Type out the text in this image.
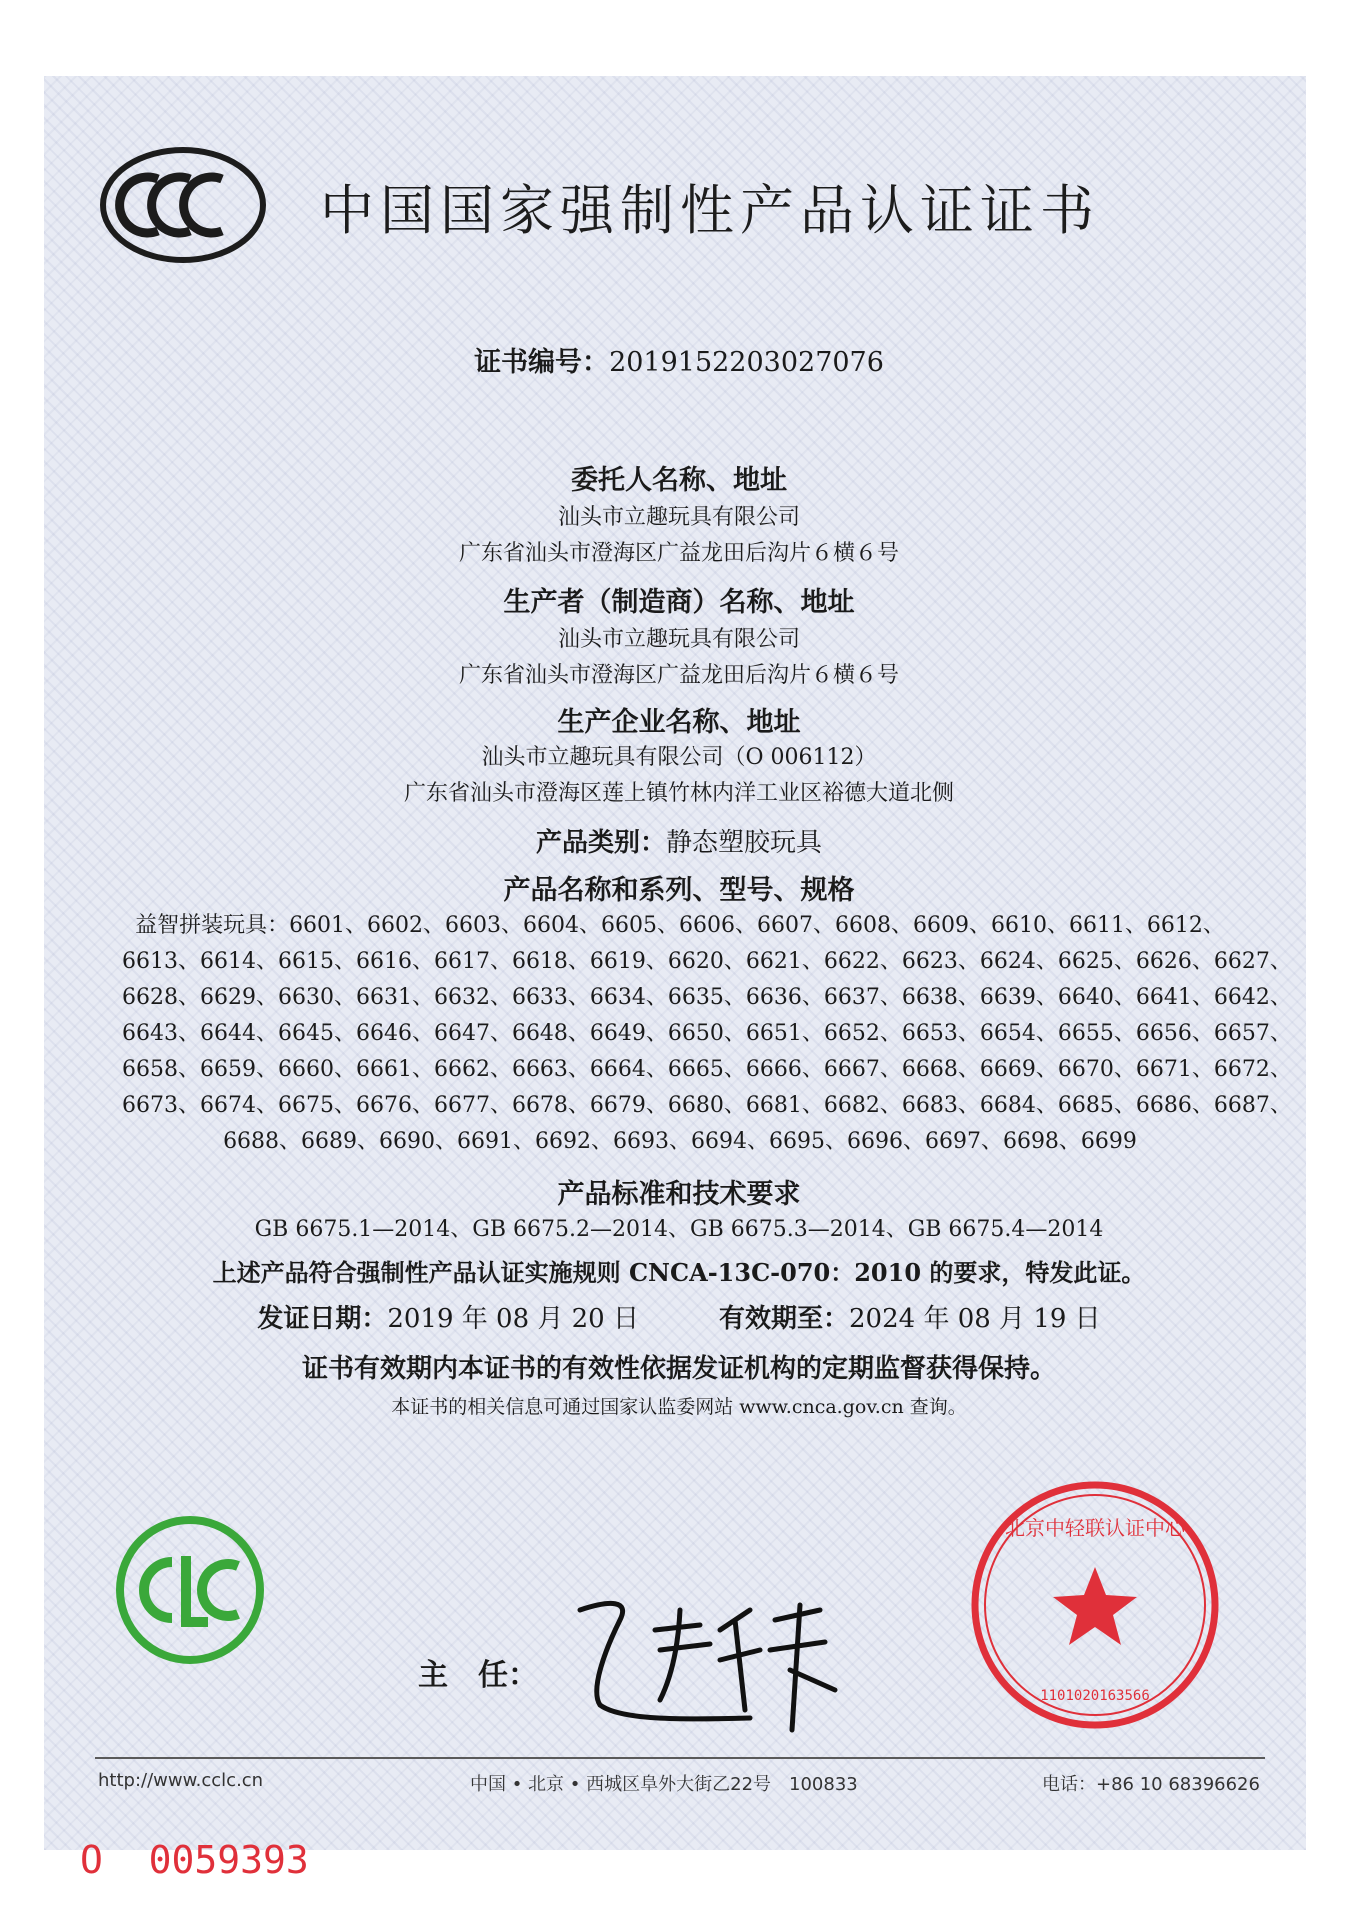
中国国家强制性产品认证证书
证书编号：2019152203027076
委托人名称、地址
汕头市立趣玩具有限公司
广东省汕头市澄海区广益龙田后沟片６横６号
生产者（制造商）名称、地址
汕头市立趣玩具有限公司
广东省汕头市澄海区广益龙田后沟片６横６号
生产企业名称、地址
汕头市立趣玩具有限公司（O 006112）
广东省汕头市澄海区莲上镇竹林内洋工业区裕德大道北侧
产品类别：静态塑胶玩具
产品名称和系列、型号、规格
益智拼装玩具：6601、6602、6603、6604、6605、6606、6607、6608、6609、6610、6611、6612、
6613、6614、6615、6616、6617、6618、6619、6620、6621、6622、6623、6624、6625、6626、6627、
6628、6629、6630、6631、6632、6633、6634、6635、6636、6637、6638、6639、6640、6641、6642、
6643、6644、6645、6646、6647、6648、6649、6650、6651、6652、6653、6654、6655、6656、6657、
6658、6659、6660、6661、6662、6663、6664、6665、6666、6667、6668、6669、6670、6671、6672、
6673、6674、6675、6676、6677、6678、6679、6680、6681、6682、6683、6684、6685、6686、6687、
6688、6689、6690、6691、6692、6693、6694、6695、6696、6697、6698、6699
产品标准和技术要求
GB 6675.1—2014、GB 6675.2—2014、GB 6675.3—2014、GB 6675.4—2014
上述产品符合强制性产品认证实施规则 CNCA-13C-070：2010 的要求，特发此证。
发证日期：2019 年 08 月 20 日	有效期至：2024 年 08 月 19 日
证书有效期内本证书的有效性依据发证机构的定期监督获得保持。
本证书的相关信息可通过国家认监委网站 www.cnca.gov.cn 查询。
主　任：
北京中轻联认证中心
1101020163566
http://www.cclc.cn	中国 • 北京 • 西城区阜外大街乙22号　100833	电话：+86 10 68396626
O 0059393
